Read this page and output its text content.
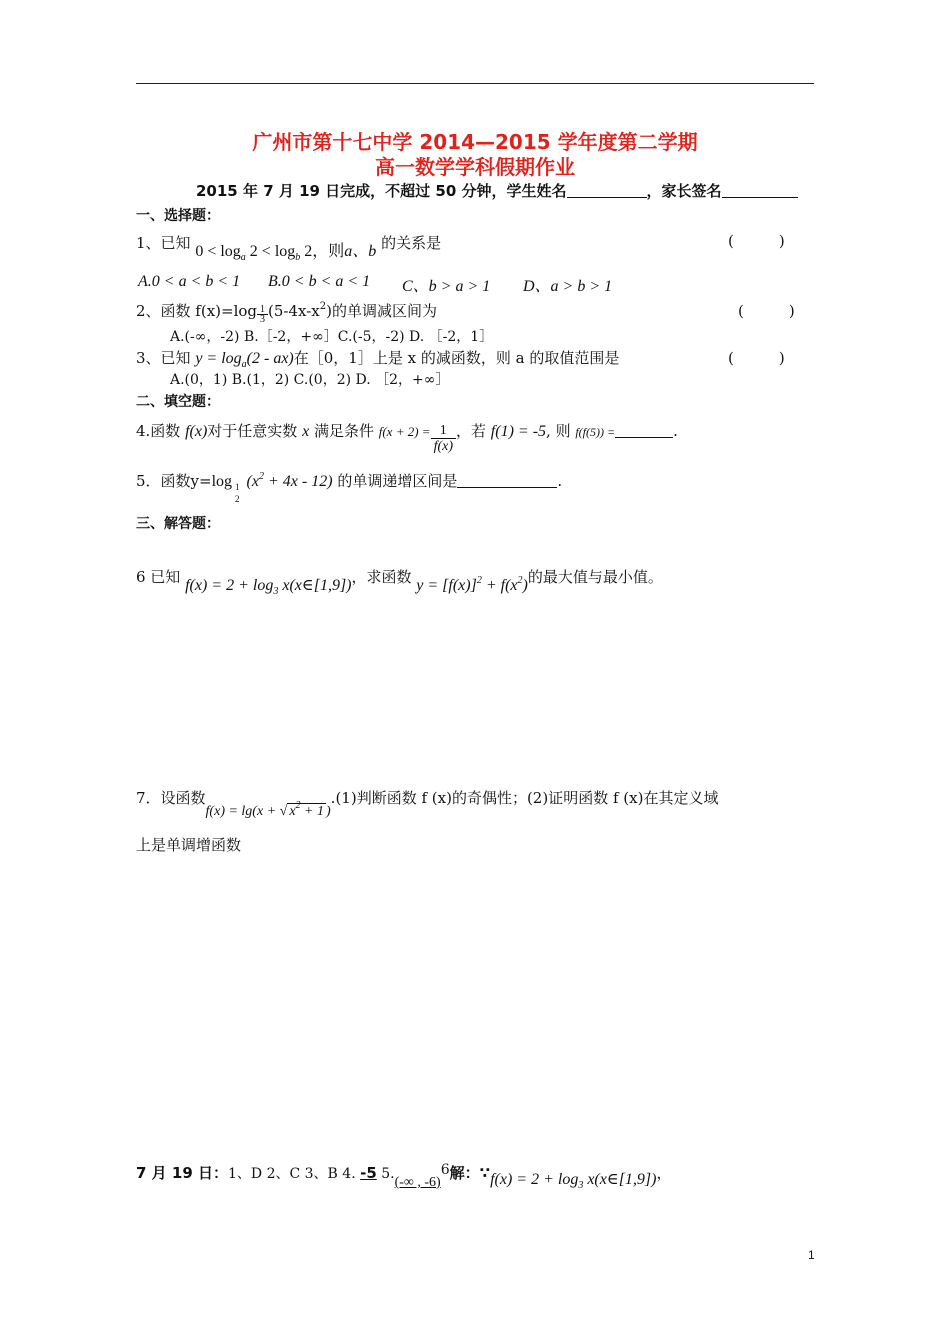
广州市第十七中学 2014—2015 学年度第二学期
高一数学学科假期作业
2015 年 7 月 19 日完成，不超过 50 分钟，学生姓名	，家长签名
一、选择题：
1、已知 $0 < \log_a 2 < \log_b 2$，则a、b 的关系是	(　　　)
A.0 < a < b < 1 B.0 < b < a < 1 C、b > a > 1 D、a > b > 1
2、函数 $f(x)=\log \frac{1}{3} (5-4x-x^2)$的单调减区间为	(　　　)
A.(-∞，-2) B.［-2，+∞］C.(-5，-2) D. ［-2，1］
3、已知 $y = \log_a(2 - ax)$在［0，1］上是 x 的减函数，则 a 的取值范围是	(　　　)
A.(0，1) B.(1，2) C.(0，2) D. ［2，+∞］
二、填空题：
4.函数 f(x)对于任意实数 x 满足条件 $f(x + 2) = \frac{1}{f(x)}$ ，若 f(1) = -5, 则 f(f(5)) =	.
5．函数y=log 1
2
$(x^2 + 4x - 12)$ 的单调递增区间是	.
三、解答题：
6 已知 $f(x) = 2 + \log_3$ x(x∈[1,9])，求函数 $y = [f(x)]^2 + f(x^2)$的最大值与最小值。
7．设函数f(x) = lg(x + √ $x^2 + 1$ ).(1)判断函数 f (x)的奇偶性；(2)证明函数 f (x)在其定义域
上是单调增函数
7 月 19 日：1、D 2、C 3、B 4. -5 5.(-∞ , -6)6解：∵f(x) = $2 + \log_3$ x(x∈[1,9])，
1
